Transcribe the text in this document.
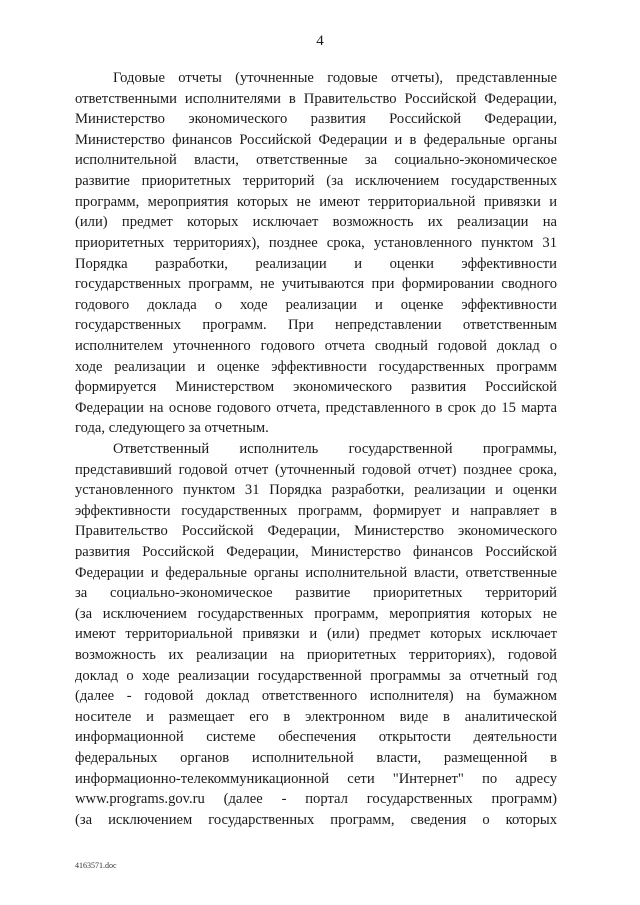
4
Годовые отчеты (уточненные годовые отчеты), представленные
ответственными исполнителями в Правительство Российской Федерации,
Министерство экономического развития Российской Федерации,
Министерство финансов Российской Федерации и в федеральные органы
исполнительной власти, ответственные за социально-экономическое
развитие приоритетных территорий (за исключением государственных
программ, мероприятия которых не имеют территориальной привязки и
(или) предмет которых исключает возможность их реализации на
приоритетных территориях), позднее срока, установленного пунктом 31
Порядка разработки, реализации и оценки эффективности
государственных программ, не учитываются при формировании сводного
годового доклада о ходе реализации и оценке эффективности
государственных программ. При непредставлении ответственным
исполнителем уточненного годового отчета сводный годовой доклад о
ходе реализации и оценке эффективности государственных программ
формируется Министерством экономического развития Российской
Федерации на основе годового отчета, представленного в срок до 15 марта
года, следующего за отчетным.
Ответственный исполнитель государственной программы,
представивший годовой отчет (уточненный годовой отчет) позднее срока,
установленного пунктом 31 Порядка разработки, реализации и оценки
эффективности государственных программ, формирует и направляет в
Правительство Российской Федерации, Министерство экономического
развития Российской Федерации, Министерство финансов Российской
Федерации и федеральные органы исполнительной власти, ответственные
за социально-экономическое развитие приоритетных территорий
(за исключением государственных программ, мероприятия которых не
имеют территориальной привязки и (или) предмет которых исключает
возможность их реализации на приоритетных территориях), годовой
доклад о ходе реализации государственной программы за отчетный год
(далее - годовой доклад ответственного исполнителя) на бумажном
носителе и размещает его в электронном виде в аналитической
информационной системе обеспечения открытости деятельности
федеральных органов исполнительной власти, размещенной в
информационно-телекоммуникационной сети "Интернет" по адресу
www.programs.gov.ru (далее - портал государственных программ)
(за исключением государственных программ, сведения о которых
4163571.doc
